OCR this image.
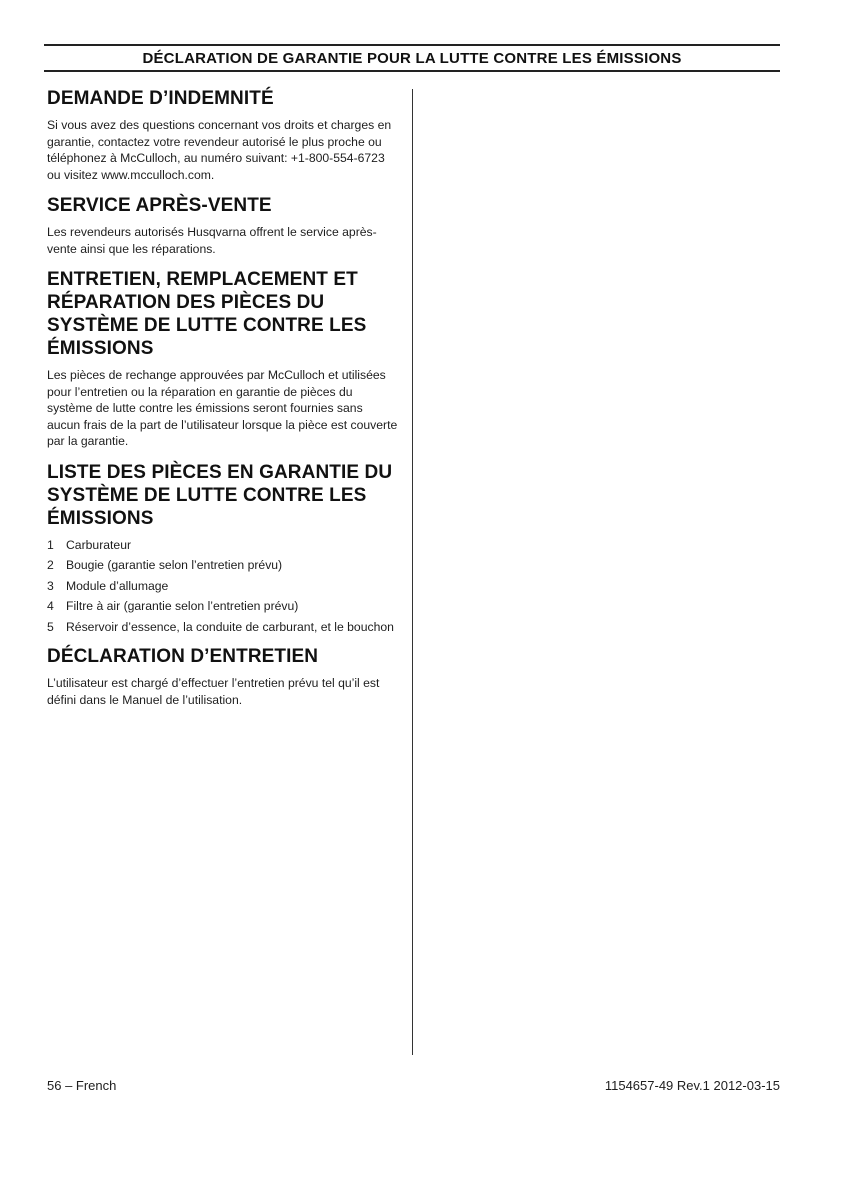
DÉCLARATION DE GARANTIE POUR LA LUTTE CONTRE LES ÉMISSIONS
DEMANDE D’INDEMNITÉ

Si vous avez des questions concernant vos droits et charges en garantie, contactez votre revendeur autorisé le plus proche ou téléphonez à McCulloch, au numéro suivant: +1-800-554-6723 ou visitez www.mcculloch.com.

SERVICE APRÈS-VENTE

Les revendeurs autorisés Husqvarna offrent le service après-vente ainsi que les réparations.

ENTRETIEN, REMPLACEMENT ET RÉPARATION DES PIÈCES DU SYSTÈME DE LUTTE CONTRE LES ÉMISSIONS

Les pièces de rechange approuvées par McCulloch et utilisées pour l’entretien ou la réparation en garantie de pièces du système de lutte contre les émissions seront fournies sans aucun frais de la part de l’utilisateur lorsque la pièce est couverte par la garantie.

LISTE DES PIÈCES EN GARANTIE DU SYSTÈME DE LUTTE CONTRE LES ÉMISSIONS
1	Carburateur
2	Bougie (garantie selon l’entretien prévu)
3	Module d’allumage
4	Filtre à air (garantie selon l’entretien prévu)
5	Réservoir d’essence, la conduite de carburant, et le bouchon
DÉCLARATION D’ENTRETIEN

L’utilisateur est chargé d’effectuer l’entretien prévu tel qu’il est défini dans le Manuel de l’utilisation.

56 – French	1154657-49 Rev.1 2012-03-15
